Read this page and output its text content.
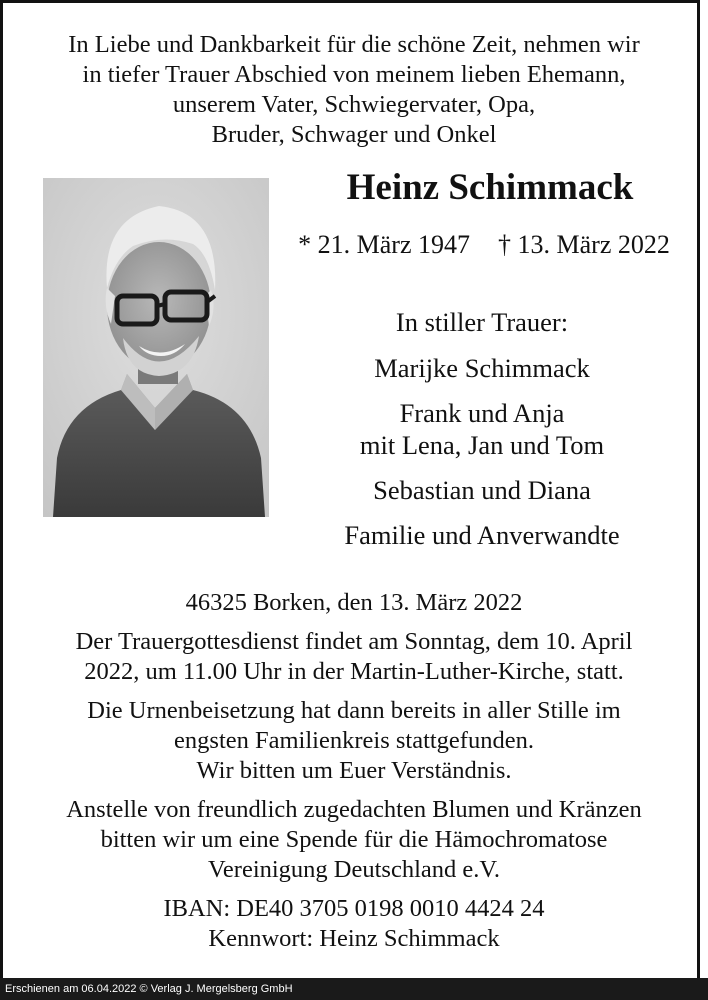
In Liebe und Dankbarkeit für die schöne Zeit, nehmen wir
in tiefer Trauer Abschied von meinem lieben Ehemann,
unserem Vater, Schwiegervater, Opa,
Bruder, Schwager und Onkel
Heinz Schimmack
* 21. März 1947 † 13. März 2022
In stiller Trauer:
Marijke Schimmack
Frank und Anja
mit Lena, Jan und Tom
Sebastian und Diana
Familie und Anverwandte
46325 Borken, den 13. März 2022
Der Trauergottesdienst findet am Sonntag, dem 10. April
2022, um 11.00 Uhr in der Martin-Luther-Kirche, statt.
Die Urnenbeisetzung hat dann bereits in aller Stille im
engsten Familienkreis stattgefunden.
Wir bitten um Euer Verständnis.
Anstelle von freundlich zugedachten Blumen und Kränzen
bitten wir um eine Spende für die Hämochromatose
Vereinigung Deutschland e.V.
IBAN: DE40 3705 0198 0010 4424 24
Kennwort: Heinz Schimmack
Erschienen am 06.04.2022 © Verlag J. Mergelsberg GmbH
